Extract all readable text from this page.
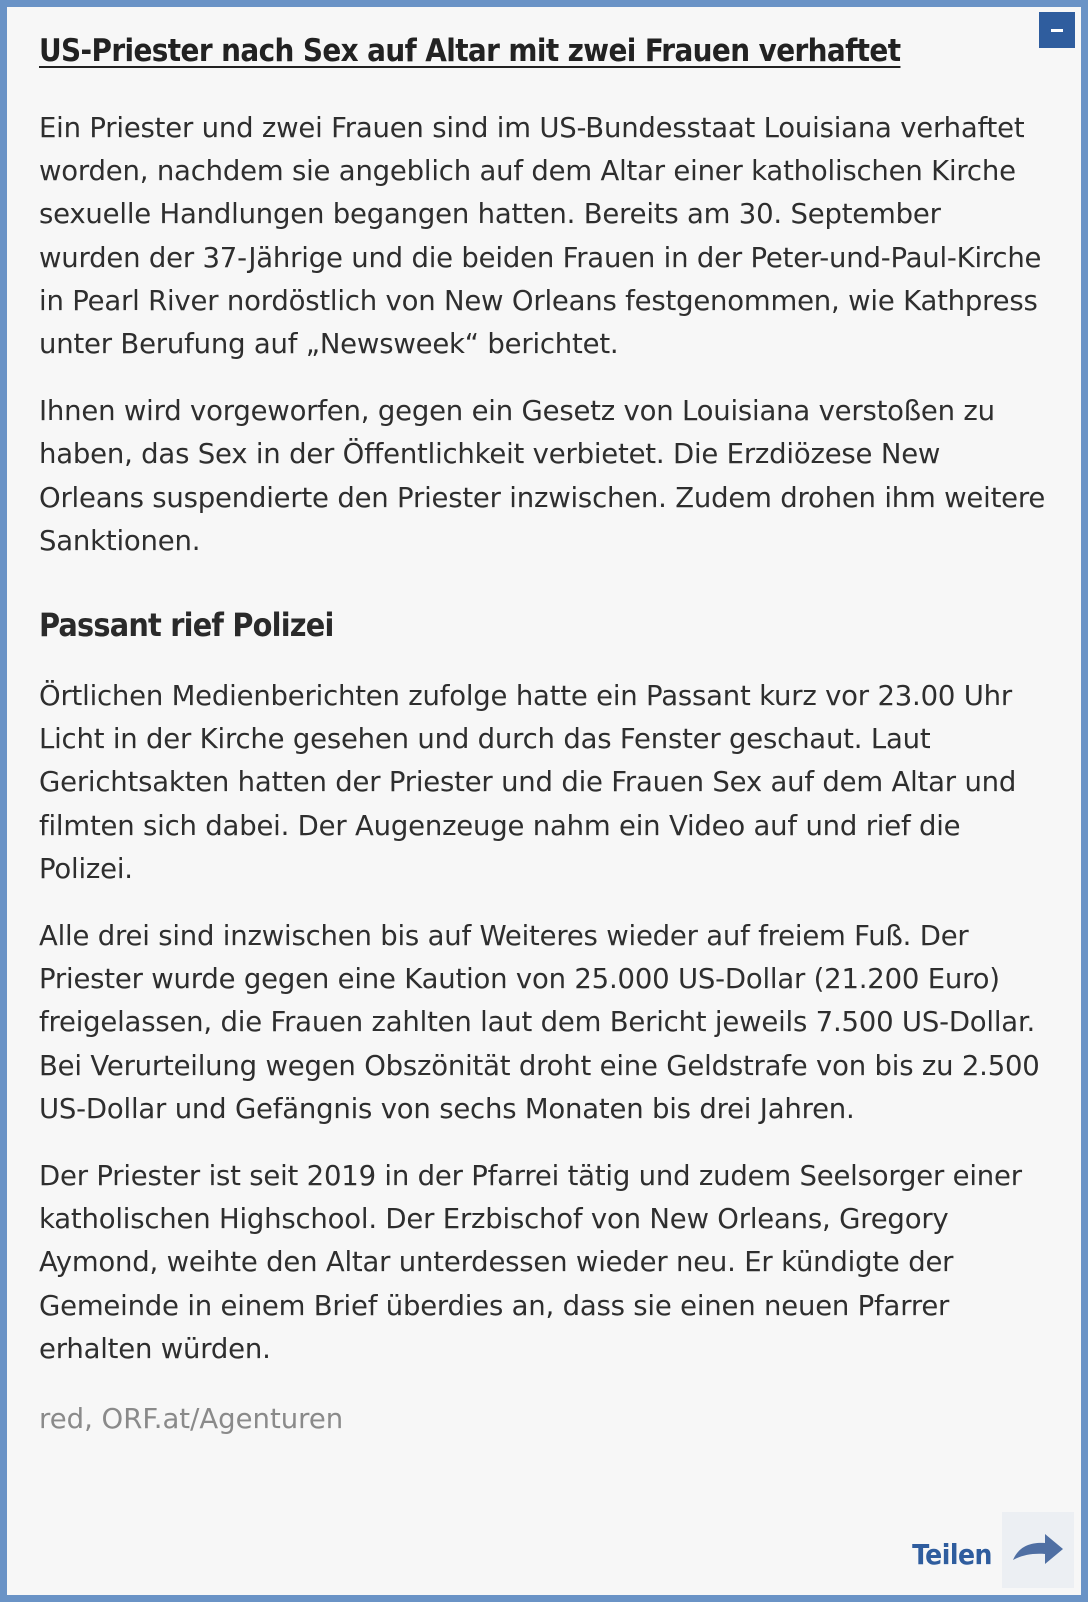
US-Priester nach Sex auf Altar mit zwei Frauen verhaftet

Ein Priester und zwei Frauen sind im US-Bundesstaat Louisiana verhaftet worden, nachdem sie angeblich auf dem Altar einer katholischen Kirche sexuelle Handlungen begangen hatten. Bereits am 30. September wurden der 37-Jährige und die beiden Frauen in der Peter-und-Paul-Kirche in Pearl River nordöstlich von New Orleans festgenommen, wie Kathpress unter Berufung auf „Newsweek“ berichtet.

Ihnen wird vorgeworfen, gegen ein Gesetz von Louisiana verstoßen zu haben, das Sex in der Öffentlichkeit verbietet. Die Erzdiözese New Orleans suspendierte den Priester inzwischen. Zudem drohen ihm weitere Sanktionen.

Passant rief Polizei

Örtlichen Medienberichten zufolge hatte ein Passant kurz vor 23.00 Uhr Licht in der Kirche gesehen und durch das Fenster geschaut. Laut Gerichtsakten hatten der Priester und die Frauen Sex auf dem Altar und filmten sich dabei. Der Augenzeuge nahm ein Video auf und rief die Polizei.

Alle drei sind inzwischen bis auf Weiteres wieder auf freiem Fuß. Der Priester wurde gegen eine Kaution von 25.000 US-Dollar (21.200 Euro) freigelassen, die Frauen zahlten laut dem Bericht jeweils 7.500 US-Dollar. Bei Verurteilung wegen Obszönität droht eine Geldstrafe von bis zu 2.500 US-Dollar und Gefängnis von sechs Monaten bis drei Jahren.

Der Priester ist seit 2019 in der Pfarrei tätig und zudem Seelsorger einer katholischen Highschool. Der Erzbischof von New Orleans, Gregory Aymond, weihte den Altar unterdessen wieder neu. Er kündigte der Gemeinde in einem Brief überdies an, dass sie einen neuen Pfarrer erhalten würden.

red, ORF.at/Agenturen
Teilen
